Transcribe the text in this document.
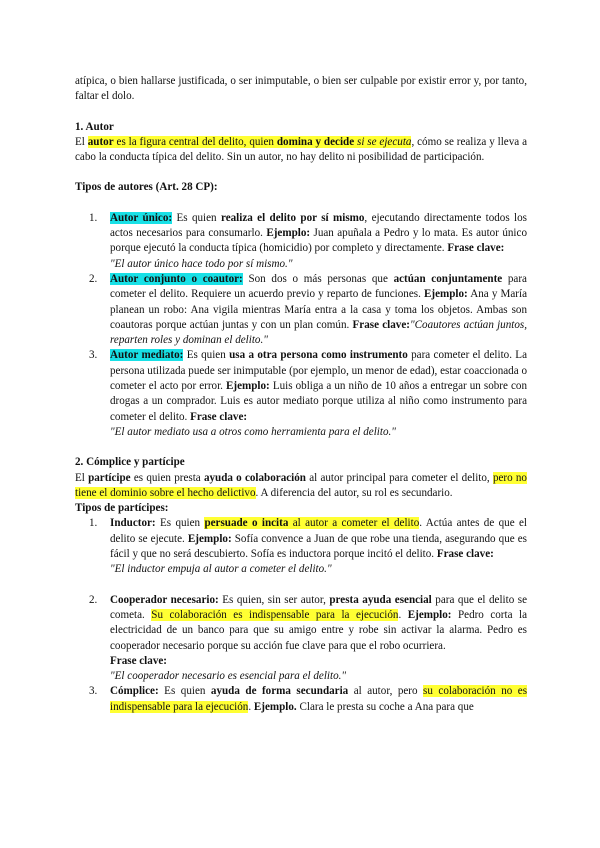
atípica, o bien hallarse justificada, o ser inimputable, o bien ser culpable por existir error y, por tanto, faltar el dolo.

1. Autor

El autor es la figura central del delito, quien domina y decide si se ejecuta, cómo se realiza y lleva a cabo la conducta típica del delito. Sin un autor, no hay delito ni posibilidad de participación.

Tipos de autores (Art. 28 CP):

1. Autor único: Es quien realiza el delito por sí mismo, ejecutando directamente todos los actos necesarios para consumarlo. Ejemplo: Juan apuñala a Pedro y lo mata. Es autor único porque ejecutó la conducta típica (homicidio) por completo y directamente. Frase clave:

"El autor único hace todo por sí mismo."

2. Autor conjunto o coautor: Son dos o más personas que actúan conjuntamente para cometer el delito. Requiere un acuerdo previo y reparto de funciones. Ejemplo: Ana y María planean un robo: Ana vigila mientras María entra a la casa y toma los objetos. Ambas son coautoras porque actúan juntas y con un plan común. Frase clave:"Coautores actúan juntos, reparten roles y dominan el delito."

3. Autor mediato: Es quien usa a otra persona como instrumento para cometer el delito. La persona utilizada puede ser inimputable (por ejemplo, un menor de edad), estar coaccionada o cometer el acto por error. Ejemplo: Luis obliga a un niño de 10 años a entregar un sobre con drogas a un comprador. Luis es autor mediato porque utiliza al niño como instrumento para cometer el delito. Frase clave:

"El autor mediato usa a otros como herramienta para el delito."

2. Cómplice y partícipe

El partícipe es quien presta ayuda o colaboración al autor principal para cometer el delito, pero no tiene el dominio sobre el hecho delictivo. A diferencia del autor, su rol es secundario.

Tipos de partícipes:

1. Inductor: Es quien persuade o incita al autor a cometer el delito. Actúa antes de que el delito se ejecute. Ejemplo: Sofía convence a Juan de que robe una tienda, asegurando que es fácil y que no será descubierto. Sofía es inductora porque incitó el delito. Frase clave:

"El inductor empuja al autor a cometer el delito."

2. Cooperador necesario: Es quien, sin ser autor, presta ayuda esencial para que el delito se cometa. Su colaboración es indispensable para la ejecución. Ejemplo: Pedro corta la electricidad de un banco para que su amigo entre y robe sin activar la alarma. Pedro es cooperador necesario porque su acción fue clave para que el robo ocurriera.

Frase clave:

"El cooperador necesario es esencial para el delito."

3. Cómplice: Es quien ayuda de forma secundaria al autor, pero su colaboración no es indispensable para la ejecución. Ejemplo. Clara le presta su coche a Ana para que
